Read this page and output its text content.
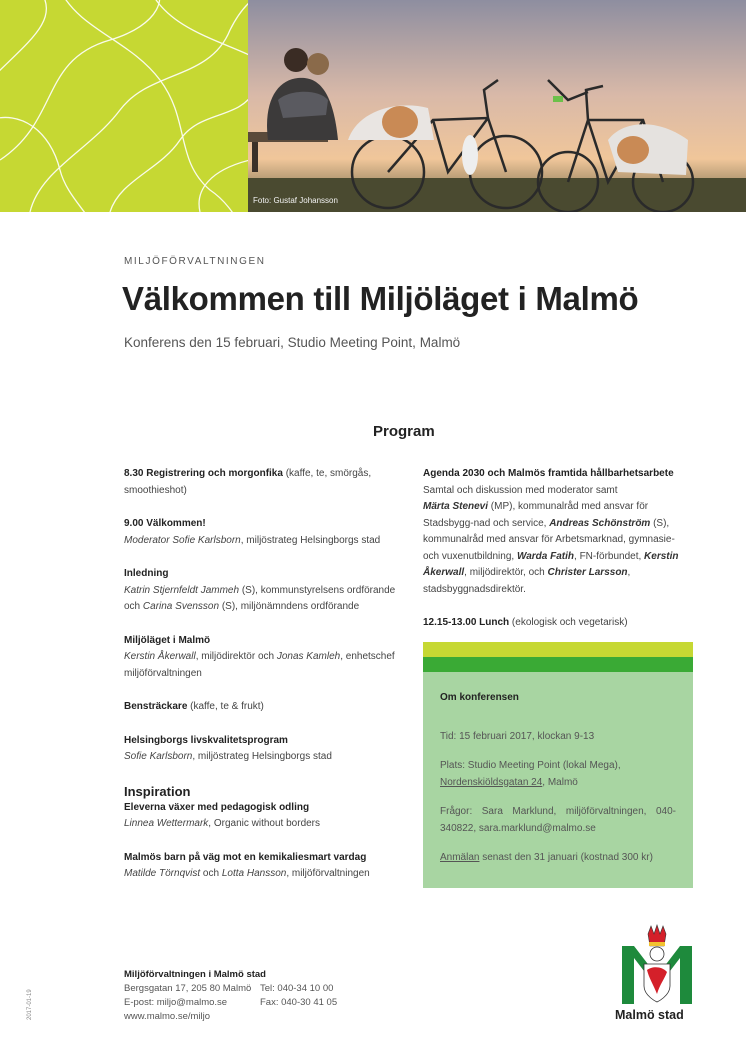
Foto: Gustaf Johansson
MILJÖFÖRVALTNINGEN
Välkommen till Miljöläget i Malmö
Konferens den 15 februari, Studio Meeting Point, Malmö
Program
8.30 Registrering och morgonfika (kaffe, te, smörgås, smoothieshot)
9.00 Välkommen!
Moderator Sofie Karlsborn, miljöstrateg Helsingborgs stad
Inledning
Katrin Stjernfeldt Jammeh (S), kommunstyrelsens ordförande
och Carina Svensson (S), miljönämndens ordförande
Miljöläget i Malmö
Kerstin Åkerwall, miljödirektör och Jonas Kamleh, enhetschef miljöförvaltningen
Bensträckare (kaffe, te & frukt)
Helsingborgs livskvalitetsprogram
Sofie Karlsborn, miljöstrateg Helsingborgs stad
Inspiration
Eleverna växer med pedagogisk odling
Linnea Wettermark, Organic without borders
Malmös barn på väg mot en kemikaliesmart vardag
Matilde Törnqvist och Lotta Hansson, miljöförvaltningen
Agenda 2030 och Malmös framtida hållbarhetsarbete
Samtal och diskussion med moderator samt
Märta Stenevi (MP), kommunalråd med ansvar för Stadsbygg-nad och service, Andreas Schönström (S), kommunalråd med ansvar för Arbetsmarknad, gymnasie- och vuxenutbildning, Warda Fatih, FN-förbundet, Kerstin Åkerwall, miljödirektör, och Christer Larsson, stadsbyggnadsdirektör.
12.15-13.00 Lunch (ekologisk och vegetarisk)
Om konferensen

Tid: 15 februari 2017, klockan 9-13

Plats: Studio Meeting Point (lokal Mega),
Nordenskiöldsgatan 24, Malmö

Frågor: Sara Marklund, miljöförvaltningen, 040-340822, sara.marklund@malmo.se

Anmälan senast den 31 januari (kostnad 300 kr)

Miljöförvaltningen i Malmö stad
Bergsgatan 17, 205 80 Malmö
E-post: miljo@malmo.se
www.malmo.se/miljo
Tel: 040-34 10 00
Fax: 040-30 41 05
2017-01-19	Malmö stad
